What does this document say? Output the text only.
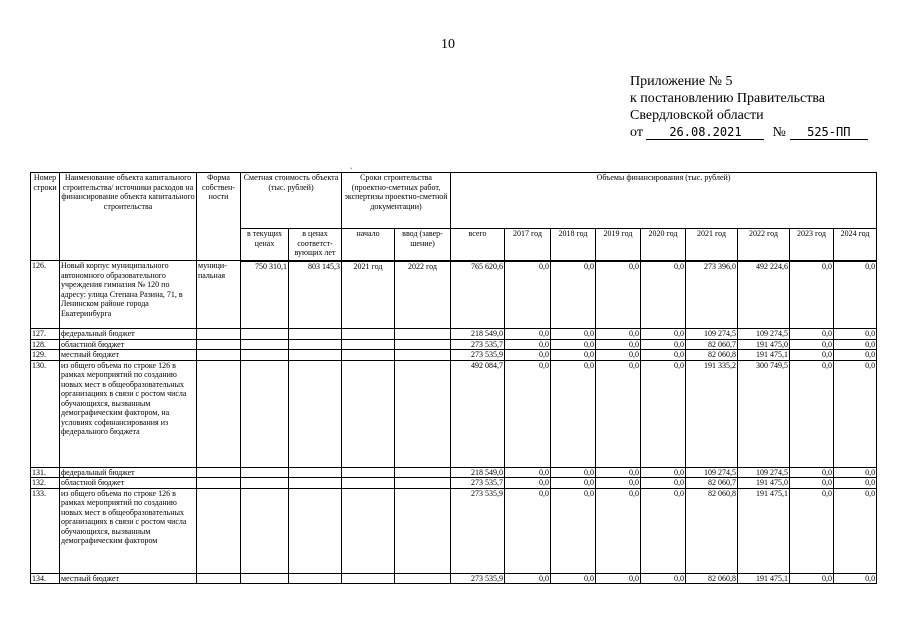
10
Приложение № 5
к постановлению Правительства
Свердловской области
от 26.08.2021 № 525-ПП
ˏ
Номер строки	Наименование объекта капитального строительства/ источники расходов на финансирование объекта капитального строительства	Форма собствен-ности	Сметная стоимость объекта (тыс. рублей)		Сроки строительства (проектно-сметных работ, экспертизы проектно-сметной документации)		Объемы финансирования (тыс. рублей)								
			в текущих ценах	в ценах соответст-вующих лет	начало	ввод (завер-шение)	всего	2017 год	2018 год	2019 год	2020 год	2021 год	2022 год	2023 год	2024 год
126.	Новый корпус муниципального автономного образовательного учреждения гимназия № 120 по адресу: улица Степана Разина, 71, в Ленинском районе города Екатеринбурга	муници-пальная	750 310,1	803 145,3	2021 год	2022 год	765 620,6	0,0	0,0	0,0	0,0	273 396,0	492 224,6	0,0	0,0
127.	федеральный бюджет						218 549,0	0,0	0,0	0,0	0,0	109 274,5	109 274,5	0,0	0,0
128.	областной бюджет						273 535,7	0,0	0,0	0,0	0,0	82 060,7	191 475,0	0,0	0,0
129.	местный бюджет						273 535,9	0,0	0,0	0,0	0,0	82 060,8	191 475,1	0,0	0,0
130.	из общего объема по строке 126 в рамках мероприятий по созданию новых мест в общеобразовательных организациях в связи с ростом числа обучающихся, вызванным демографическим фактором, на условиях софинансирования из федерального бюджета						492 084,7	0,0	0,0	0,0	0,0	191 335,2	300 749,5	0,0	0,0
131.	федеральный бюджет						218 549,0	0,0	0,0	0,0	0,0	109 274,5	109 274,5	0,0	0,0
132.	областной бюджет						273 535,7	0,0	0,0	0,0	0,0	82 060,7	191 475,0	0,0	0,0
133.	из общего объема по строке 126 в рамках мероприятий по созданию новых мест в общеобразовательных организациях в связи с ростом числа обучающихся, вызванным демографическим фактором						273 535,9	0,0	0,0	0,0	0,0	82 060,8	191 475,1	0,0	0,0
134.	местный бюджет						273 535,9	0,0	0,0	0,0	0,0	82 060,8	191 475,1	0,0	0,0
